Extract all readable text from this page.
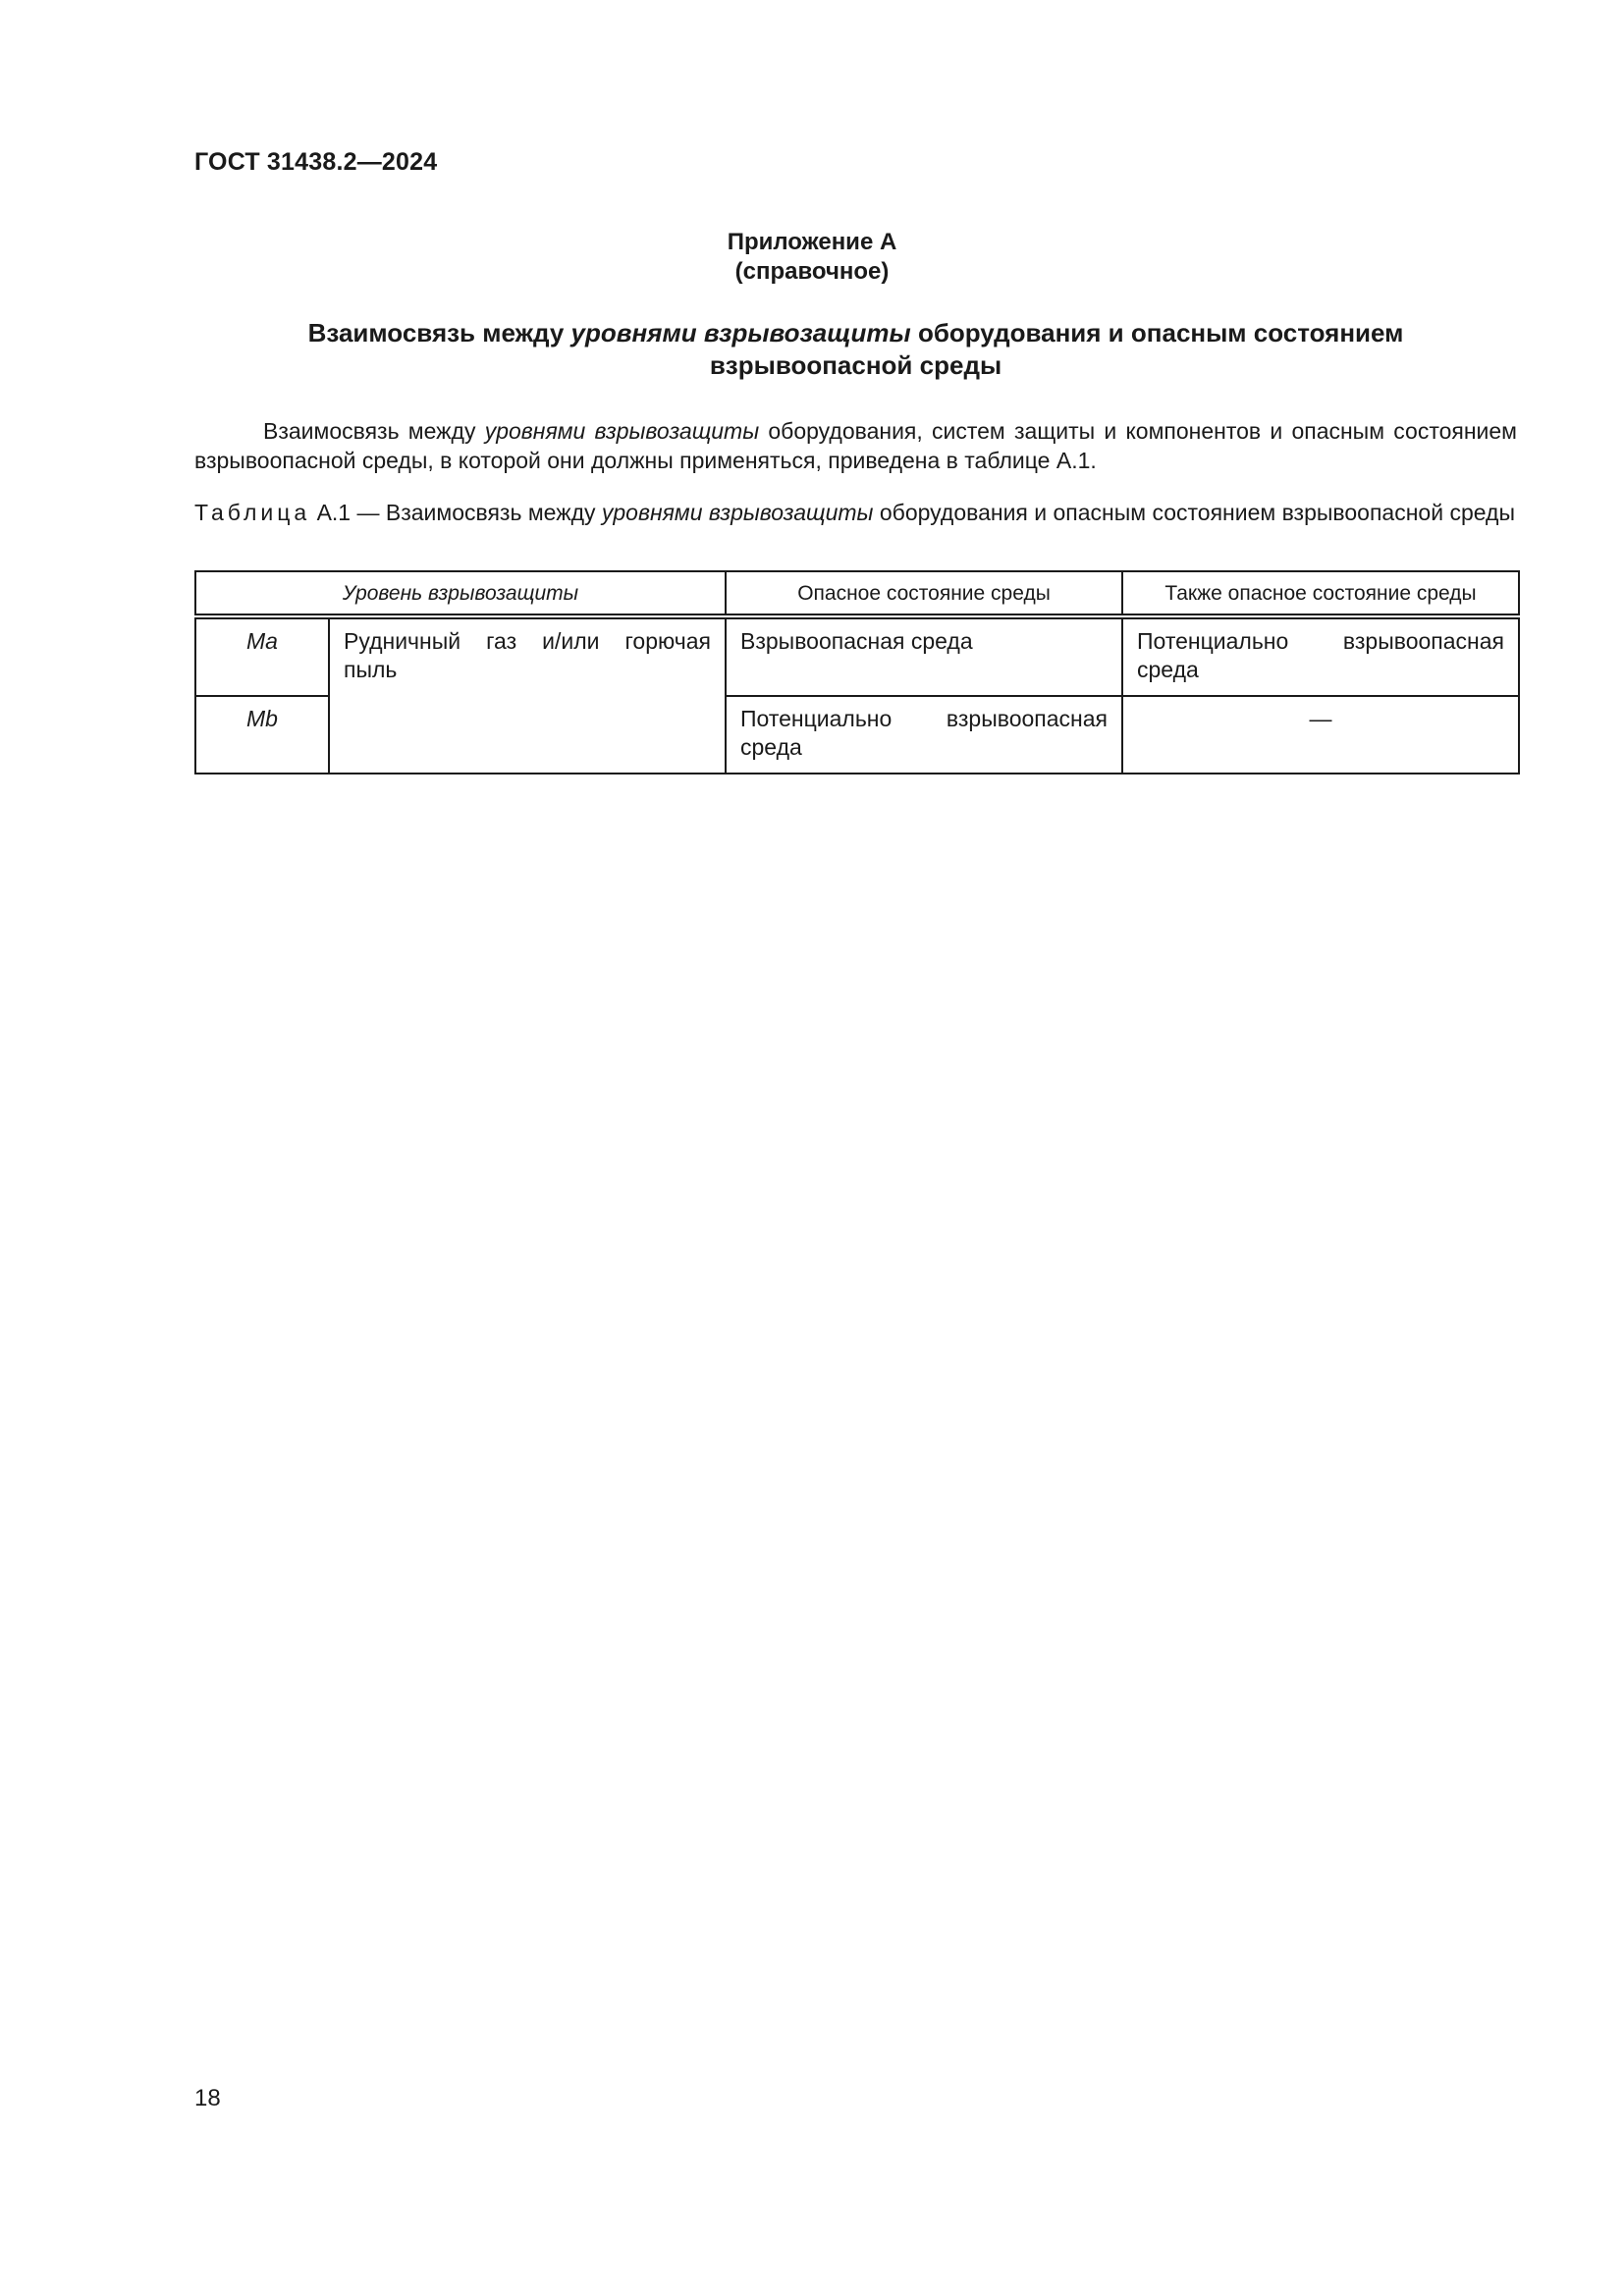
ГОСТ 31438.2—2024
Приложение А
(справочное)
Взаимосвязь между уровнями взрывозащиты оборудования и опасным состоянием
взрывоопасной среды
Взаимосвязь между уровнями взрывозащиты оборудования, систем защиты и компонентов и опасным состоянием взрывоопасной среды, в которой они должны применяться, приведена в таблице А.1.
Таблица А.1 — Взаимосвязь между уровнями взрывозащиты оборудования и опасным состоянием взрывоопасной среды
Уровень взрывозащиты		Опасное состояние среды	Также опасное состояние среды
Ma	Рудничный газ и/или горючая пыль	Взрывоопасная среда	Потенциально взрывоопасная среда
Mb		Потенциально взрывоопасная среда	—
18
